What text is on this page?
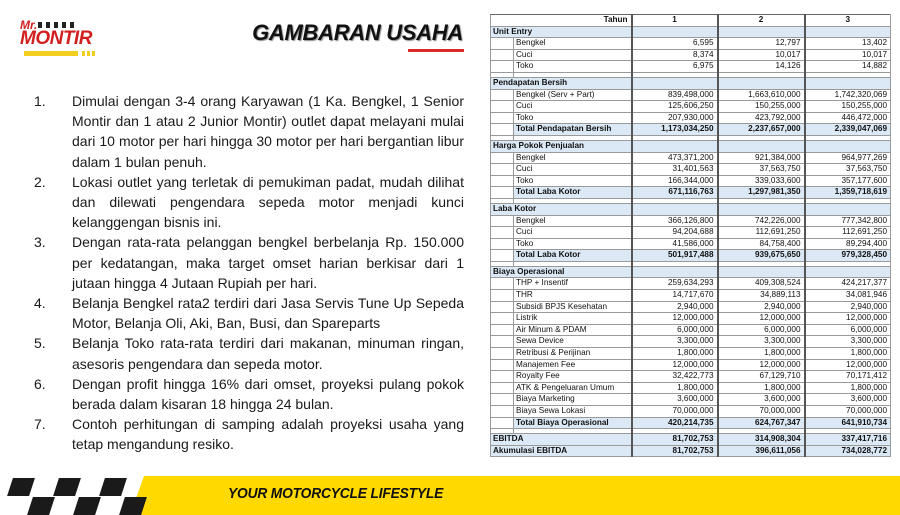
Mr.
MONTIR	GAMBARAN USAHA
1. Dimulai dengan 3-4 orang Karyawan (1 Ka. Bengkel, 1 Senior Montir dan 1 atau 2 Junior Montir) outlet dapat melayani mulai dari 10 motor per hari hingga 30 motor per hari bergantian libur dalam 1 bulan penuh.
2. Lokasi outlet yang terletak di pemukiman padat, mudah dilihat dan dilewati pengendara sepeda motor menjadi kunci kelanggengan bisnis ini.
3. Dengan rata-rata pelanggan bengkel berbelanja Rp. 150.000 per kedatangan, maka target omset harian berkisar dari 1 jutaan hingga 4 Jutaan Rupiah per hari.
4. Belanja Bengkel rata2 terdiri dari Jasa Servis Tune Up Sepeda Motor, Belanja Oli, Aki, Ban, Busi, dan Spareparts
5. Belanja Toko rata-rata terdiri dari makanan, minuman ringan, asesoris pengendara dan sepeda motor.
6. Dengan profit hingga 16% dari omset, proyeksi pulang pokok berada dalam kisaran 18 hingga 24 bulan.
7. Contoh perhitungan di samping adalah proyeksi usaha yang tetap mengandung resiko.
YOUR MOTORCYCLE LIFESTYLE
Tahun		1	2	3
Unit Entry				
	Bengkel	6,595	12,797	13,402
	Cuci	8,374	10,017	10,017
	Toko	6,975	14,126	14,882

Pendapatan Bersih				
	Bengkel (Serv + Part)	839,498,000	1,663,610,000	1,742,320,069
	Cuci	125,606,250	150,255,000	150,255,000
	Toko	207,930,000	423,792,000	446,472,000
	Total Pendapatan Bersih	1,173,034,250	2,237,657,000	2,339,047,069

Harga Pokok Penjualan				
	Bengkel	473,371,200	921,384,000	964,977,269
	Cuci	31,401,563	37,563,750	37,563,750
	Toko	166,344,000	339,033,600	357,177,600
	Total Laba Kotor	671,116,763	1,297,981,350	1,359,718,619

Laba Kotor				
	Bengkel	366,126,800	742,226,000	777,342,800
	Cuci	94,204,688	112,691,250	112,691,250
	Toko	41,586,000	84,758,400	89,294,400
	Total Laba Kotor	501,917,488	939,675,650	979,328,450

Biaya Operasional				
	THP + Insentif	259,634,293	409,308,524	424,217,377
	THR	14,717,670	34,889,113	34,081,946
	Subsidi BPJS Kesehatan	2,940,000	2,940,000	2,940,000
	Listrik	12,000,000	12,000,000	12,000,000
	Air Minum & PDAM	6,000,000	6,000,000	6,000,000
	Sewa Device	3,300,000	3,300,000	3,300,000
	Retribusi & Perijinan	1,800,000	1,800,000	1,800,000
	Manajemen Fee	12,000,000	12,000,000	12,000,000
	Royalty Fee	32,422,773	67,129,710	70,171,412
	ATK & Pengeluaran Umum	1,800,000	1,800,000	1,800,000
	Biaya Marketing	3,600,000	3,600,000	3,600,000
	Biaya Sewa Lokasi	70,000,000	70,000,000	70,000,000
	Total Biaya Operasional	420,214,735	624,767,347	641,910,734

EBITDA		81,702,753	314,908,304	337,417,716
Akumulasi EBITDA		81,702,753	396,611,056	734,028,772
